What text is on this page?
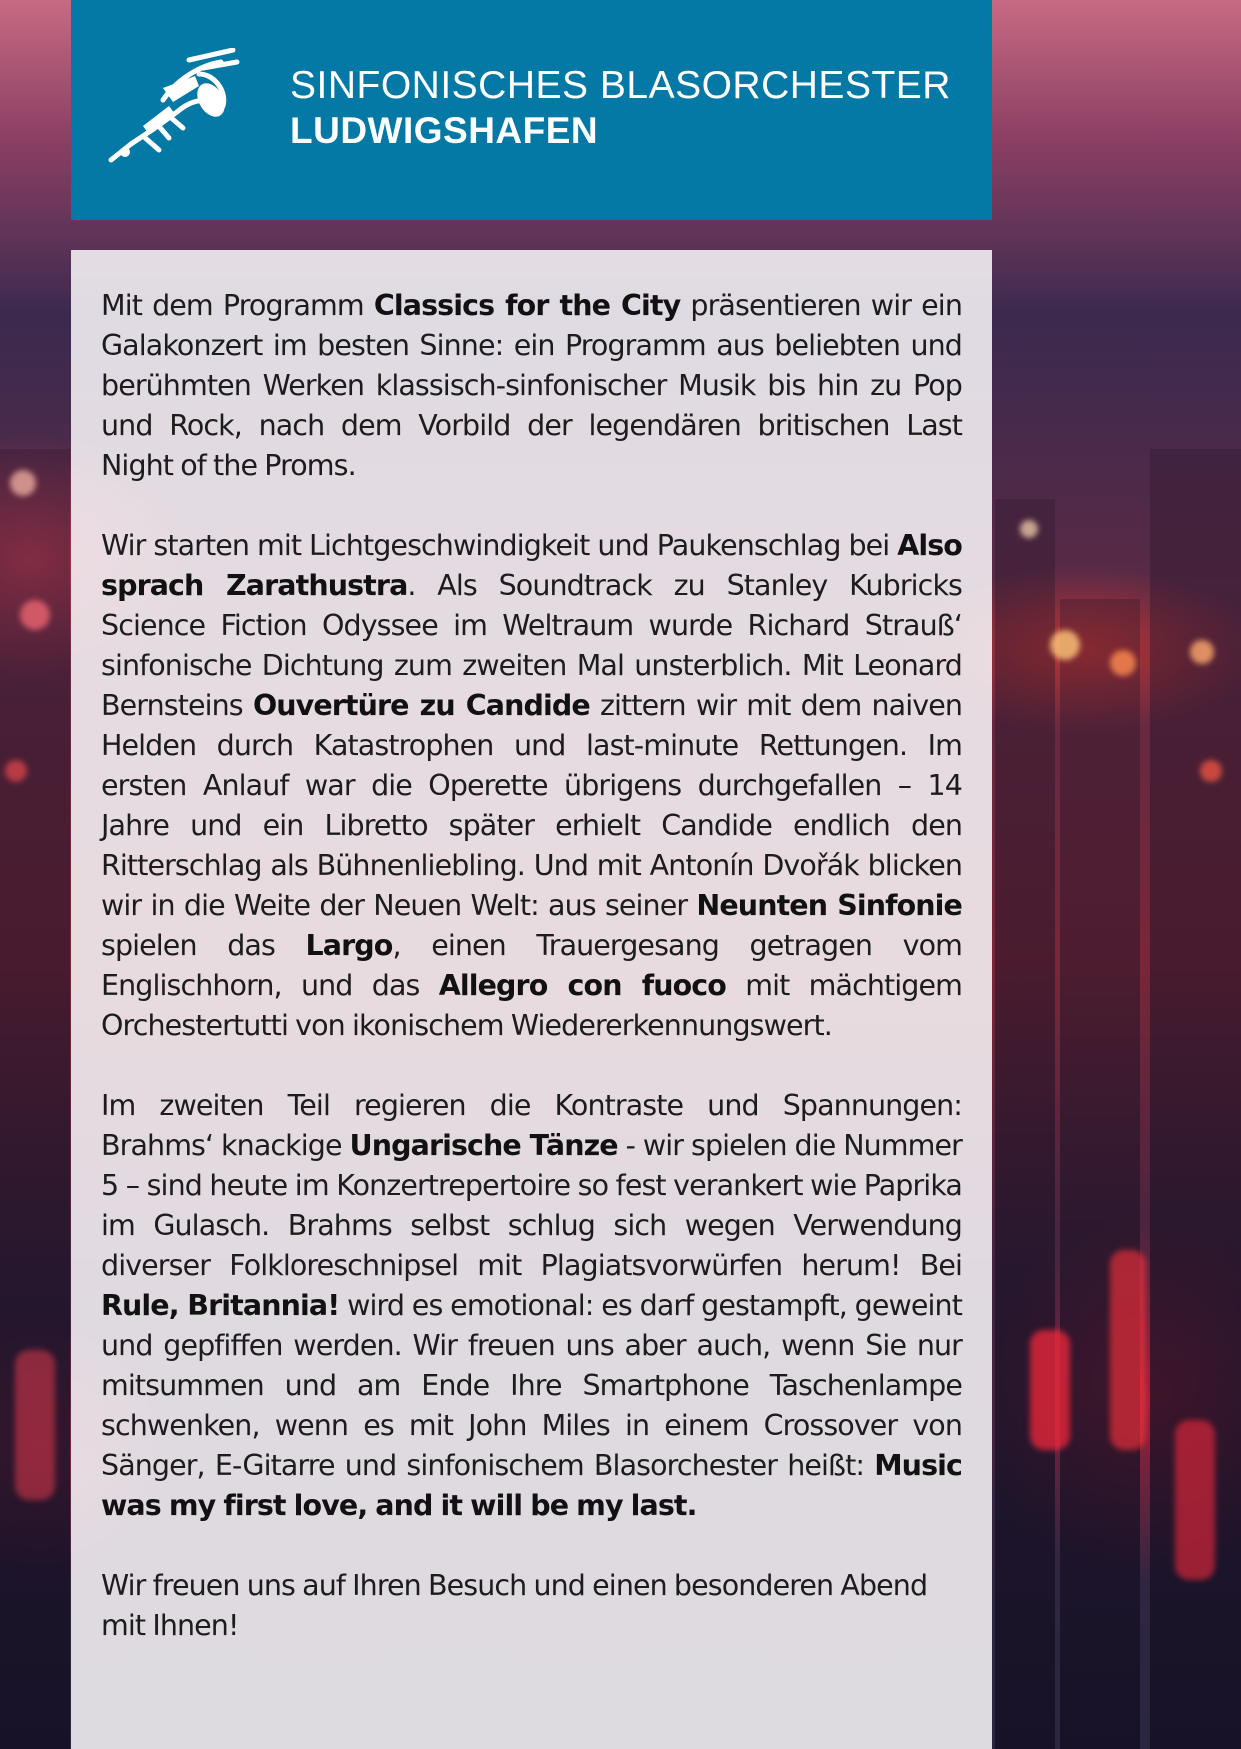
SINFONISCHES BLASORCHESTER
LUDWIGSHAFEN

Mit dem Programm Classics for the City präsentieren wir ein Galakonzert im besten Sinne: ein Programm aus beliebten und berühmten Werken klassisch-sinfonischer Musik bis hin zu Pop und Rock, nach dem Vorbild der legendären britischen Last Night of the Proms.

Wir starten mit Lichtgeschwindigkeit und Paukenschlag bei Also sprach Zarathustra. Als Soundtrack zu Stanley Kubricks Science Fiction Odyssee im Weltraum wurde Richard Strauß‘ sinfonische Dichtung zum zweiten Mal unsterblich. Mit Leonard Bernsteins Ouvertüre zu Candide zittern wir mit dem naiven Helden durch Katastrophen und last-minute Rettungen. Im ersten Anlauf war die Operette übrigens durchgefallen – 14 Jahre und ein Libretto später erhielt Candide endlich den Ritterschlag als Bühnenliebling. Und mit Antonín Dvořák blicken wir in die Weite der Neuen Welt: aus seiner Neunten Sinfonie spielen das Largo, einen Trauergesang getragen vom Englischhorn, und das Allegro con fuoco mit mächtigem Orchestertutti von ikonischem Wiedererkennungswert.

Im zweiten Teil regieren die Kontraste und Spannungen: Brahms‘ knackige Ungarische Tänze - wir spielen die Nummer 5 – sind heute im Konzertrepertoire so fest verankert wie Paprika im Gulasch. Brahms selbst schlug sich wegen Verwendung diverser Folkloreschnipsel mit Plagiatsvorwürfen herum! Bei Rule, Britannia! wird es emotional: es darf gestampft, geweint und gepfiffen werden. Wir freuen uns aber auch, wenn Sie nur mitsummen und am Ende Ihre Smartphone Taschenlampe schwenken, wenn es mit John Miles in einem Crossover von Sänger, E-Gitarre und sinfonischem Blasorchester heißt: Music was my first love, and it will be my last.

Wir freuen uns auf Ihren Besuch und einen besonderen Abend mit Ihnen!
